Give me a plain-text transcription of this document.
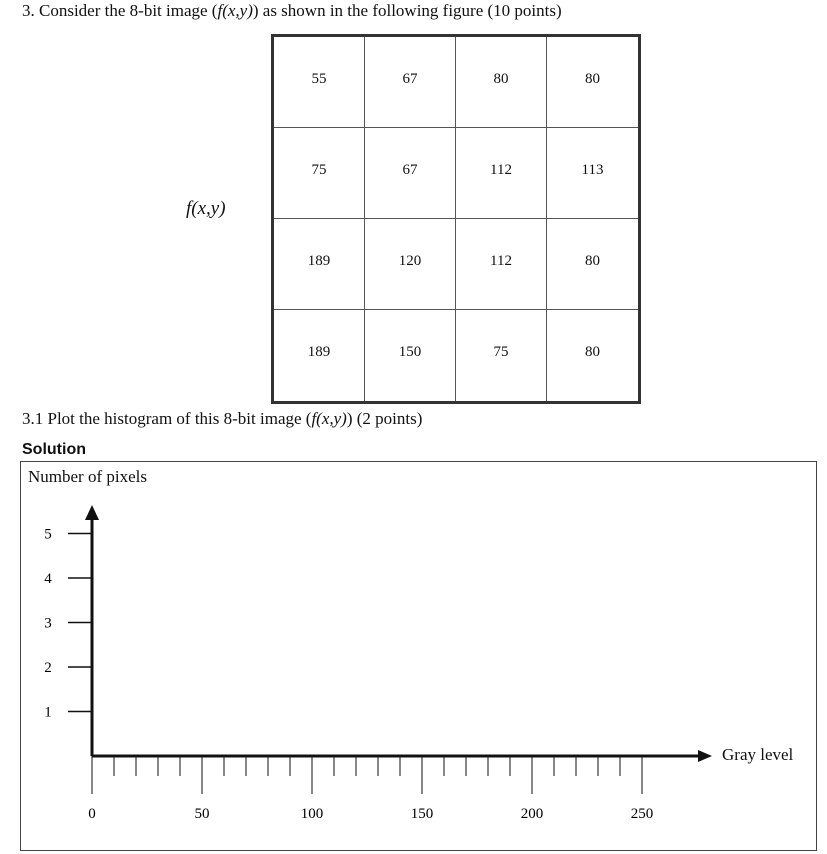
3. Consider the 8-bit image (f(x,y)) as shown in the following figure (10 points)
f(x,y)
55	67	80	80
75	67	112	113
189	120	112	80
189	150	75	80
3.1 Plot the histogram of this 8-bit image (f(x,y)) (2 points)
Solution
Number of pixels
Gray level
1
2
3
4
5
0	50	100	150	200	250
